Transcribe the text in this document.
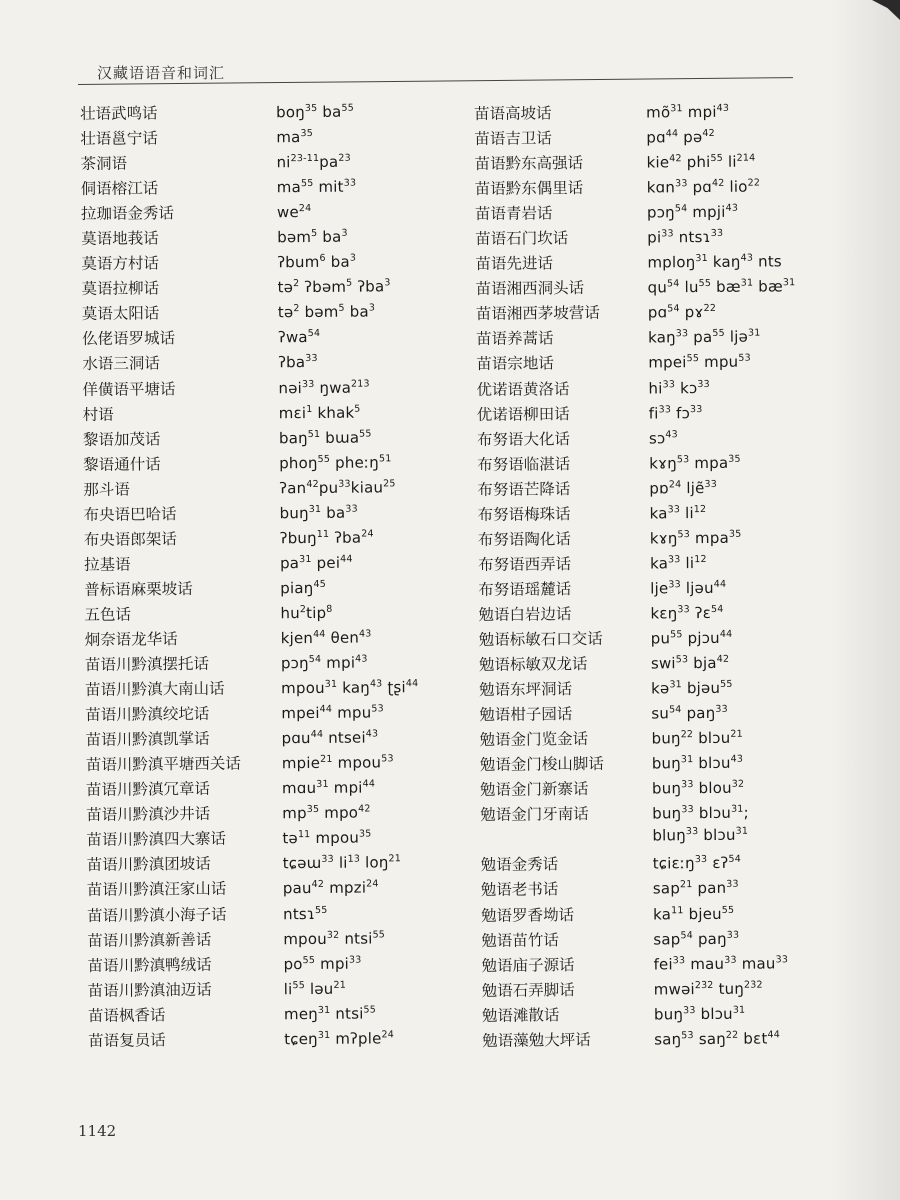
汉藏语语音和词汇
壮语武鸣话	boŋ$^{35}$ $ba^{55}$
壮语邕宁话	$ma^{35}$
茶洞语	$ni^{23-11}pa^{23}$
侗语榕江话	$ma^{55}$ mit$^{33}$
拉珈语金秀话	$we^{24}$
莫语地莪话	bəm$^5$ $ba^3$
莫语方村话	ʔbum$^6$ $ba^3$
莫语拉柳话	tə$^2$ ʔbəm$^5$ ʔba$^3$
莫语太阳话	tə$^2$ bəm$^5$ $ba^3$
仫佬语罗城话	ʔwa$^{54}$
水语三洞话	ʔba$^{33}$
佯僙语平塘话	nəi$^{33}$ ŋwa$^{213}$
村语	mɛi$^1$ khak$^5$
黎语加茂话	baŋ$^{51}$ bɯa$^{55}$
黎语通什话	phoŋ$^{55}$ pheːŋ$^{51}$
那斗语	$ʔan^{42}pu^{33}kiau^{25}$
布央语巴哈话	buŋ$^{31}$ $ba^{33}$
布央语郎架话	ʔbuŋ$^{11}$ ʔba$^{24}$
拉基语	$pa^{31}$ pei$^{44}$
普标语麻栗坡话	piaŋ$^{45}$
五色话	$hu^2tip^8$
炯奈语龙华话	kjen$^{44}$ θen$^{43}$
苗语川黔滇摆托话	pɔŋ$^{54}$ mpi$^{43}$
苗语川黔滇大南山话	mpou$^{31}$ kaŋ$^{43}$ ʈʂi$^{44}$
苗语川黔滇绞坨话	mpei$^{44}$ mpu$^{53}$
苗语川黔滇凯掌话	pɑu$^{44}$ ntsei$^{43}$
苗语川黔滇平塘西关话	mpie$^{21}$ mpou$^{53}$
苗语川黔滇冗章话	mɑu$^{31}$ mpi$^{44}$
苗语川黔滇沙井话	$mp^{35}$ mpo$^{42}$
苗语川黔滇四大寨话	tə$^{11}$ mpou$^{35}$
苗语川黔滇团坡话	tɕəɯ$^{33}$ $li^{13}$ loŋ$^{21}$
苗语川黔滇汪家山话	pau$^{42}$ mpzi$^{24}$
苗语川黔滇小海子话	ntsɿ$^{55}$
苗语川黔滇新善话	mpou$^{32}$ ntsi$^{55}$
苗语川黔滇鸭绒话	$po^{55}$ mpi$^{33}$
苗语川黔滇油迈话	$li^{55}$ ləu$^{21}$
苗语枫香话	meŋ$^{31}$ ntsi$^{55}$
苗语复员话	tɕeŋ$^{31}$ mʔple$^{24}$
苗语高坡话	$mõ^{31}$ mpi$^{43}$
苗语吉卫话	pɑ$^{44}$ pə$^{42}$
苗语黔东高强话	kie$^{42}$ phi$^{55}$ $li^{214}$
苗语黔东偶里话	kɑn$^{33}$ pɑ$^{42}$ lio$^{22}$
苗语青岩话	pɔŋ$^{54}$ mpji$^{43}$
苗语石门坎话	$pi^{33}$ ntsɿ$^{33}$
苗语先进话	mploŋ$^{31}$ kaŋ$^{43}$ nts
苗语湘西洞头话	$qu^{54}$ $lu^{55}$ $bæ^{31}$ $bæ^{31}$
苗语湘西茅坡营话	pɑ$^{54}$ pɤ$^{22}$
苗语养蒿话	kaŋ$^{33}$ $pa^{55}$ ljə$^{31}$
苗语宗地话	mpei$^{55}$ mpu$^{53}$
优诺语黄洛话	$hi^{33}$ kɔ$^{33}$
优诺语柳田话	$fi^{33}$ fɔ$^{33}$
布努语大化话	sɔ$^{43}$
布努语临湛话	kɤŋ$^{53}$ mpa$^{35}$
布努语芒降话	pɒ$^{24}$ ljẽ$^{33}$
布努语梅珠话	$ka^{33}$ $li^{12}$
布努语陶化话	kɤŋ$^{53}$ mpa$^{35}$
布努语西弄话	$ka^{33}$ $li^{12}$
布努语瑶麓话	lje$^{33}$ ljəu$^{44}$
勉语白岩边话	kɛŋ$^{33}$ ʔɛ$^{54}$
勉语标敏石口交话	$pu^{55}$ pjɔu$^{44}$
勉语标敏双龙话	swi$^{53}$ bja$^{42}$
勉语东坪洞话	kə$^{31}$ bjəu$^{55}$
勉语柑子园话	$su^{54}$ paŋ$^{33}$
勉语金门览金话	buŋ$^{22}$ blɔu$^{21}$
勉语金门梭山脚话	buŋ$^{31}$ blɔu$^{43}$
勉语金门新寨话	buŋ$^{33}$ blou$^{32}$
勉语金门牙南话	buŋ$^{33}$ blɔu$^{31}$;
bluŋ$^{33}$ blɔu$^{31}$
勉语金秀话	tɕiɛːŋ$^{33}$ ɛʔ$^{54}$
勉语老书话	sap$^{21}$ pan$^{33}$
勉语罗香坳话	$ka^{11}$ bjeu$^{55}$
勉语苗竹话	sap$^{54}$ paŋ$^{33}$
勉语庙子源话	fei$^{33}$ mau$^{33}$ mau$^{33}$
勉语石弄脚话	mwəi$^{232}$ tuŋ$^{232}$
勉语滩散话	buŋ$^{33}$ blɔu$^{31}$
勉语藻勉大坪话	saŋ$^{53}$ saŋ$^{22}$ bɛt$^{44}$
1142
